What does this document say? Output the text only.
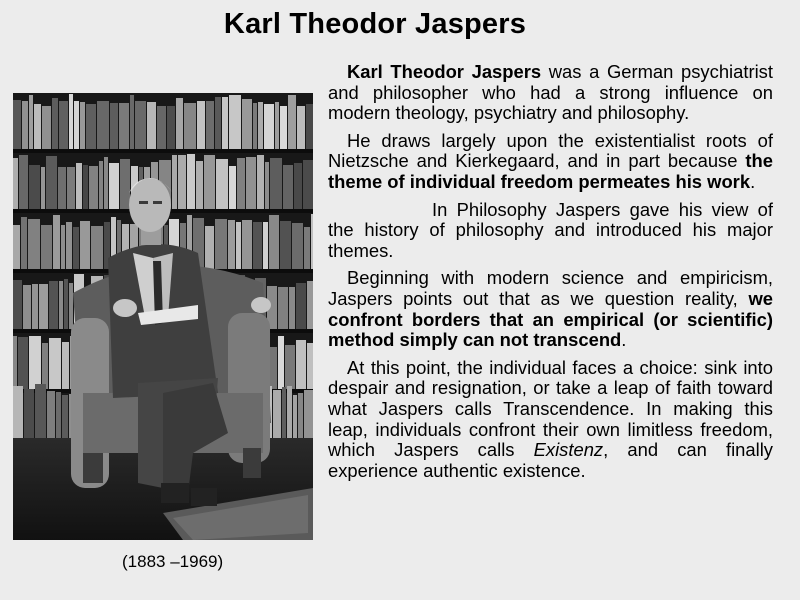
Karl Theodor Jaspers
(1883 –1969)

Karl Theodor Jaspers was a German psychiatrist and philosopher who had a strong influence on modern theology, psychiatry and philosophy.

He draws largely upon the existentialist roots of Nietzsche and Kierkegaard, and in part because the theme of individual freedom permeates his work.

In Philosophy Jaspers gave his view of the history of philosophy and introduced his major themes.

Beginning with modern science and empiricism, Jaspers points out that as we question reality, we confront borders that an empirical (or scientific) method simply can not transcend.

At this point, the individual faces a choice: sink into despair and resignation, or take a leap of faith toward what Jaspers calls Transcendence. In making this leap, individuals confront their own limitless freedom, which Jaspers calls Existenz, and can finally experience authentic existence.
